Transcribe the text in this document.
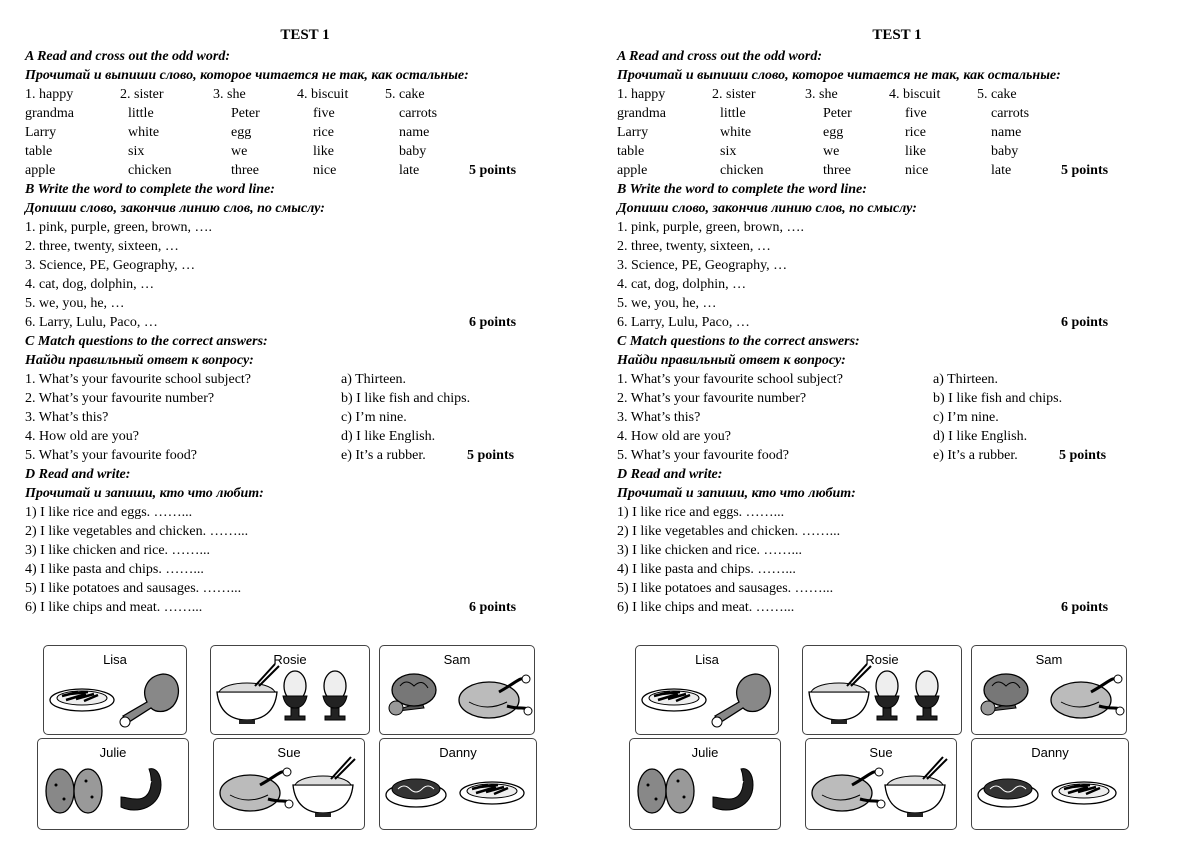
TEST 1
A Read and cross out the odd word:
Прочитай и выпиши слово, которое читается не так, как остальные:
1. happy	2. sister	3. she	4. biscuit	5. cake
grandma	little	Peter	five	carrots
Larry	white	egg	rice	name
table	six	we	like	baby
apple	chicken	three	nice	late	5 points
B Write the word to complete the word line:
Допиши слово, закончив линию слов, по смыслу:
1. pink, purple, green, brown, ….
2. three, twenty, sixteen, …
3. Science, PE, Geography, …
4. cat, dog, dolphin, …
5. we, you, he, …
6. Larry, Lulu, Paco, …	6 points
C Match questions to the correct answers:
Найди правильный ответ к вопросу:
1. What’s your favourite school subject?	a) Thirteen.
2. What’s your favourite number?	b) I like fish and chips.
3. What’s this?	c) I’m nine.
4. How old are you?	d) I like English.
5. What’s your favourite food?	e) It’s a rubber.	5 points
D Read and write:
Прочитай и запиши, кто что любит:
1) I like rice and eggs. ……...
2) I like vegetables and chicken. ……...
3) I like chicken and rice. ……...
4) I like pasta and chips. ……...
5) I like potatoes and sausages. ……...
6) I like chips and meat. ……...	6 points
Lisa	Rosie	Sam
Julie	Sue	Danny
TEST 1
A Read and cross out the odd word:
Прочитай и выпиши слово, которое читается не так, как остальные:
1. happy	2. sister	3. she	4. biscuit	5. cake
grandma	little	Peter	five	carrots
Larry	white	egg	rice	name
table	six	we	like	baby
apple	chicken	three	nice	late	5 points
B Write the word to complete the word line:
Допиши слово, закончив линию слов, по смыслу:
1. pink, purple, green, brown, ….
2. three, twenty, sixteen, …
3. Science, PE, Geography, …
4. cat, dog, dolphin, …
5. we, you, he, …
6. Larry, Lulu, Paco, …	6 points
C Match questions to the correct answers:
Найди правильный ответ к вопросу:
1. What’s your favourite school subject?	a) Thirteen.
2. What’s your favourite number?	b) I like fish and chips.
3. What’s this?	c) I’m nine.
4. How old are you?	d) I like English.
5. What’s your favourite food?	e) It’s a rubber.	5 points
D Read and write:
Прочитай и запиши, кто что любит:
1) I like rice and eggs. ……...
2) I like vegetables and chicken. ……...
3) I like chicken and rice. ……...
4) I like pasta and chips. ……...
5) I like potatoes and sausages. ……...
6) I like chips and meat. ……...	6 points
Lisa	Rosie	Sam
Julie	Sue	Danny
